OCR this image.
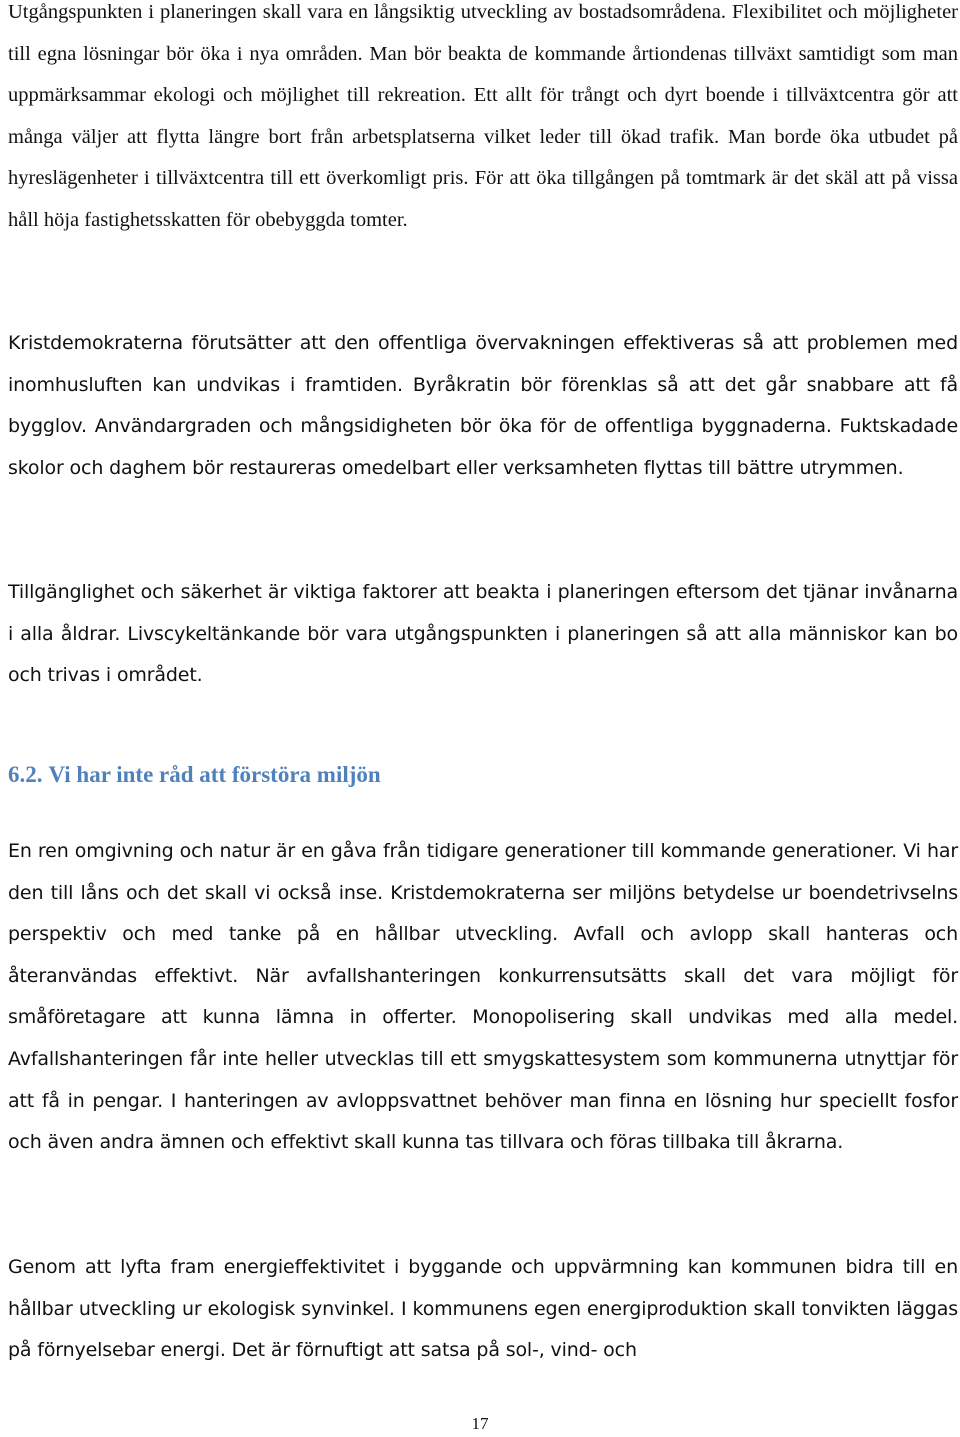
Utgångspunkten i planeringen skall vara en långsiktig utveckling av bostadsområdena. Flexibilitet och möjligheter till egna lösningar bör öka i nya områden. Man bör beakta de kommande årtiondenas tillväxt samtidigt som man uppmärksammar ekologi och möjlighet till rekreation. Ett allt för trångt och dyrt boende i tillväxtcentra gör att många väljer att flytta längre bort från arbetsplatserna vilket leder till ökad trafik. Man borde öka utbudet på hyreslägenheter i tillväxtcentra till ett överkomligt pris. För att öka tillgången på tomtmark är det skäl att på vissa håll höja fastighetsskatten för obebyggda tomter.

Kristdemokraterna förutsätter att den offentliga övervakningen effektiveras så att problemen med inomhusluften kan undvikas i framtiden. Byråkratin bör förenklas så att det går snabbare att få bygglov. Användargraden och mångsidigheten bör öka för de offentliga byggnaderna. Fuktskadade skolor och daghem bör restaureras omedelbart eller verksamheten flyttas till bättre utrymmen.

Tillgänglighet och säkerhet är viktiga faktorer att beakta i planeringen eftersom det tjänar invånarna i alla åldrar. Livscykeltänkande bör vara utgångspunkten i planeringen så att alla människor kan bo och trivas i området.

6.2. Vi har inte råd att förstöra miljön

En ren omgivning och natur är en gåva från tidigare generationer till kommande generationer. Vi har den till låns och det skall vi också inse. Kristdemokraterna ser miljöns betydelse ur boendetrivselns perspektiv och med tanke på en hållbar utveckling. Avfall och avlopp skall hanteras och återanvändas effektivt. När avfallshanteringen konkurrensutsätts skall det vara möjligt för småföretagare att kunna lämna in offerter. Monopolisering skall undvikas med alla medel. Avfallshanteringen får inte heller utvecklas till ett smygskattesystem som kommunerna utnyttjar för att få in pengar. I hanteringen av avloppsvattnet behöver man finna en lösning hur speciellt fosfor och även andra ämnen och effektivt skall kunna tas tillvara och föras tillbaka till åkrarna.

Genom att lyfta fram energieffektivitet i byggande och uppvärmning kan kommunen bidra till en hållbar utveckling ur ekologisk synvinkel. I kommunens egen energiproduktion skall tonvikten läggas på förnyelsebar energi. Det är förnuftigt att satsa på sol-, vind- och

17
